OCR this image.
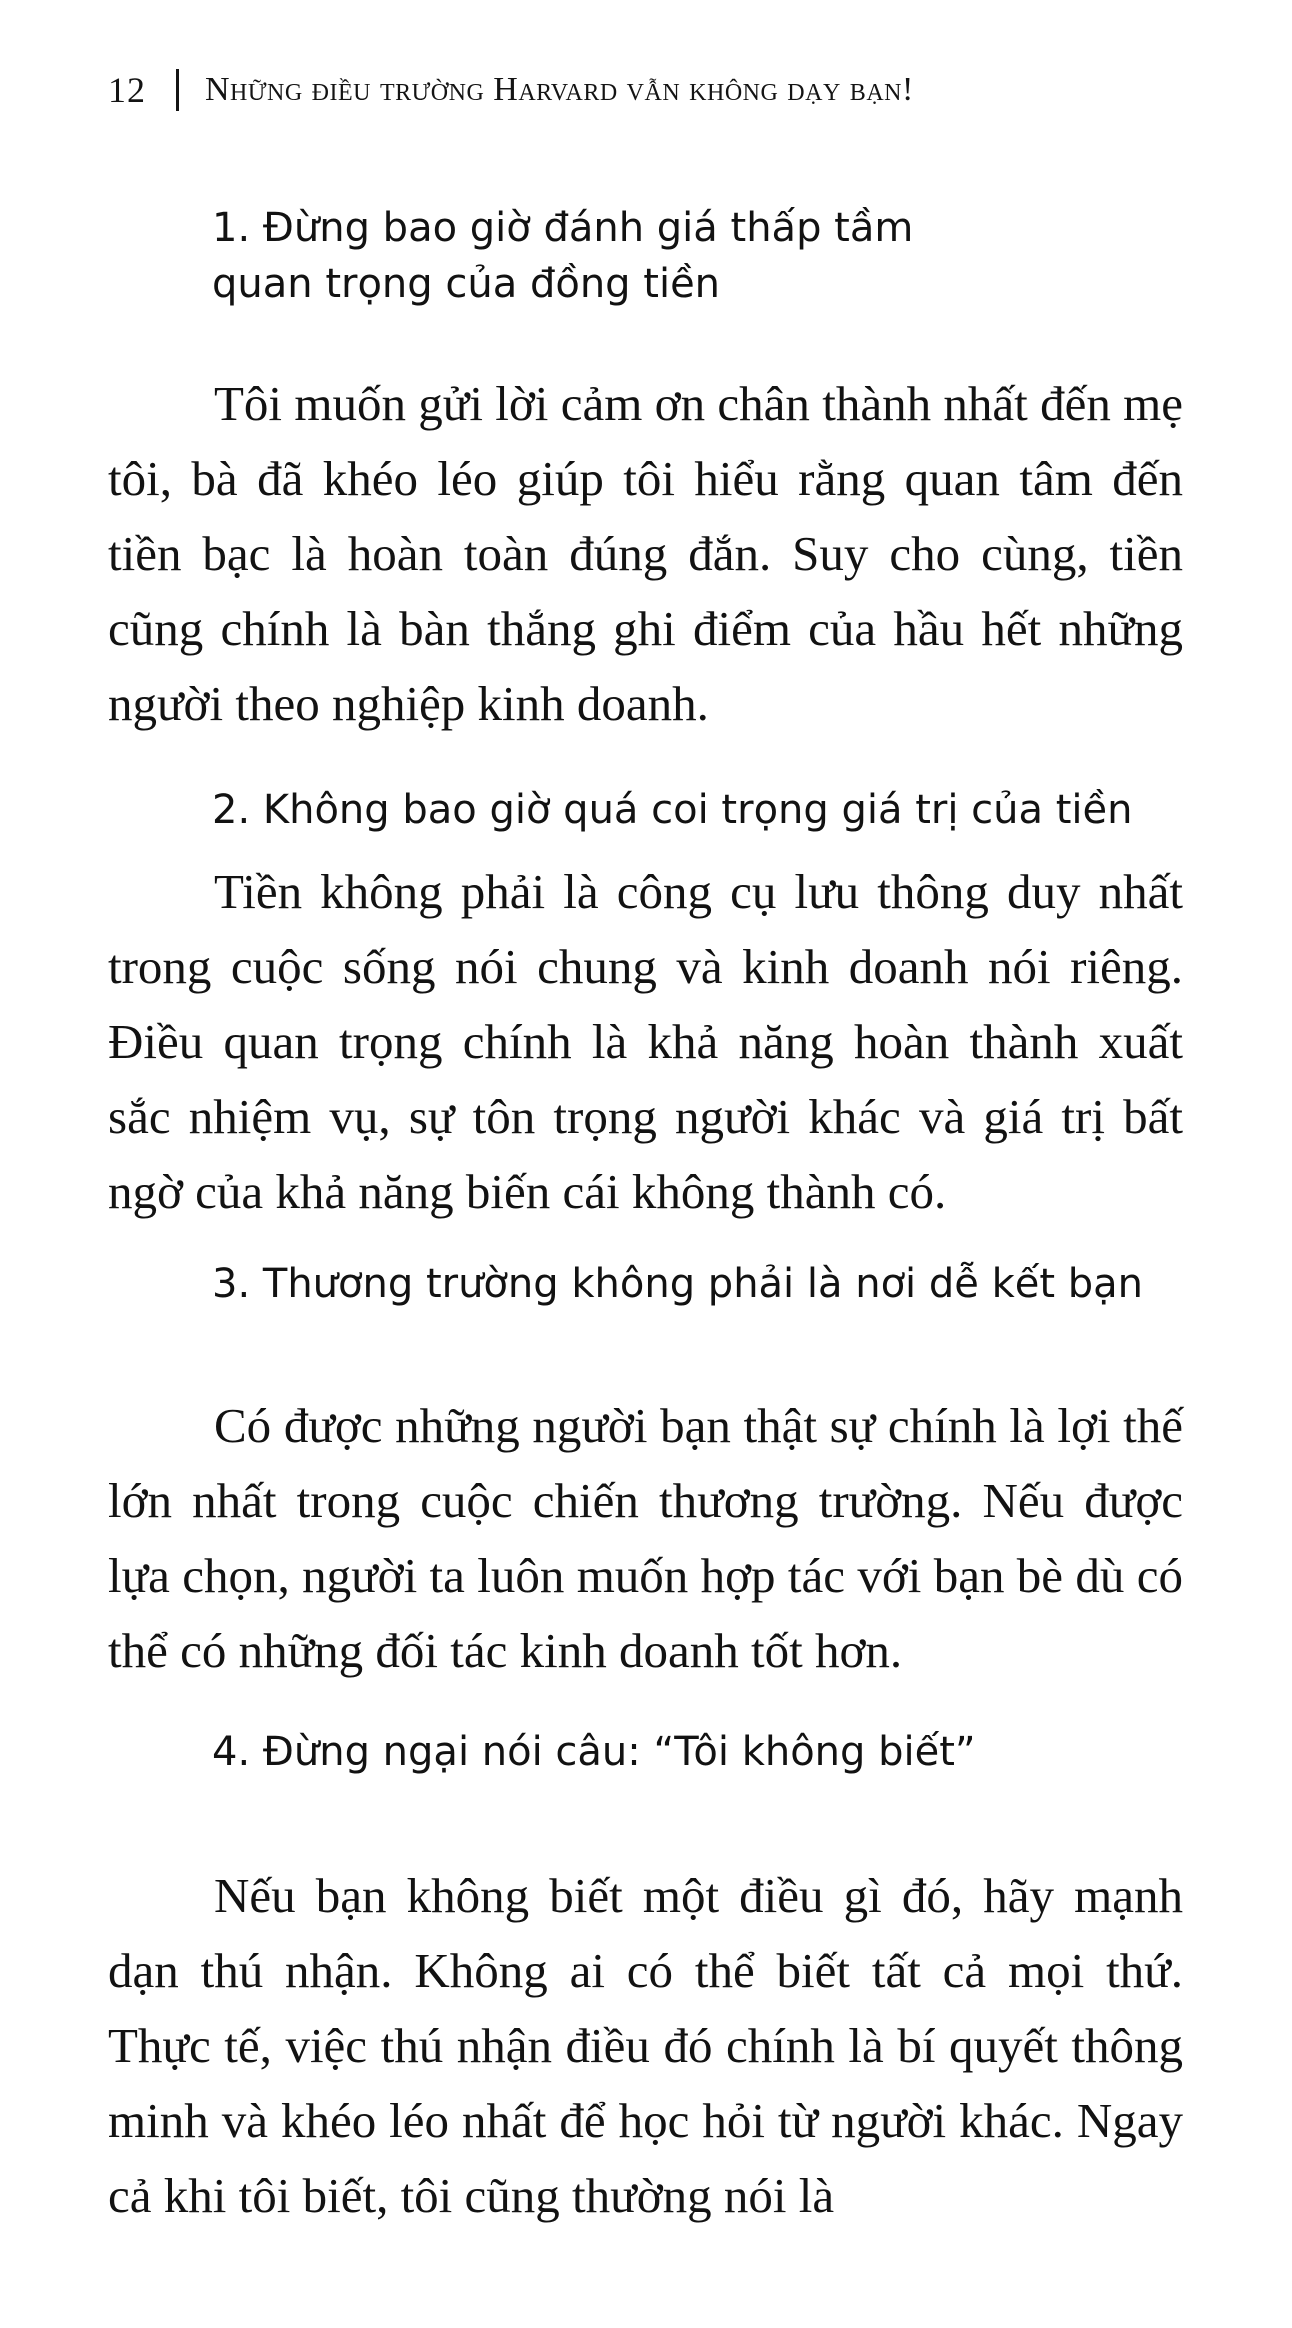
12 Những điều trường Harvard vẫn không dạy bạn!
1. Đừng bao giờ đánh giá thấp tầm quan trọng của đồng tiền

Tôi muốn gửi lời cảm ơn chân thành nhất đến mẹ tôi, bà đã khéo léo giúp tôi hiểu rằng quan tâm đến tiền bạc là hoàn toàn đúng đắn. Suy cho cùng, tiền cũng chính là bàn thắng ghi điểm của hầu hết những người theo nghiệp kinh doanh.

2. Không bao giờ quá coi trọng giá trị của tiền

Tiền không phải là công cụ lưu thông duy nhất trong cuộc sống nói chung và kinh doanh nói riêng. Điều quan trọng chính là khả năng hoàn thành xuất sắc nhiệm vụ, sự tôn trọng người khác và giá trị bất ngờ của khả năng biến cái không thành có.

3. Thương trường không phải là nơi dễ kết bạn

Có được những người bạn thật sự chính là lợi thế lớn nhất trong cuộc chiến thương trường. Nếu được lựa chọn, người ta luôn muốn hợp tác với bạn bè dù có thể có những đối tác kinh doanh tốt hơn.

4. Đừng ngại nói câu: “Tôi không biết”

Nếu bạn không biết một điều gì đó, hãy mạnh dạn thú nhận. Không ai có thể biết tất cả mọi thứ. Thực tế, việc thú nhận điều đó chính là bí quyết thông minh và khéo léo nhất để học hỏi từ người khác. Ngay cả khi tôi biết, tôi cũng thường nói là
